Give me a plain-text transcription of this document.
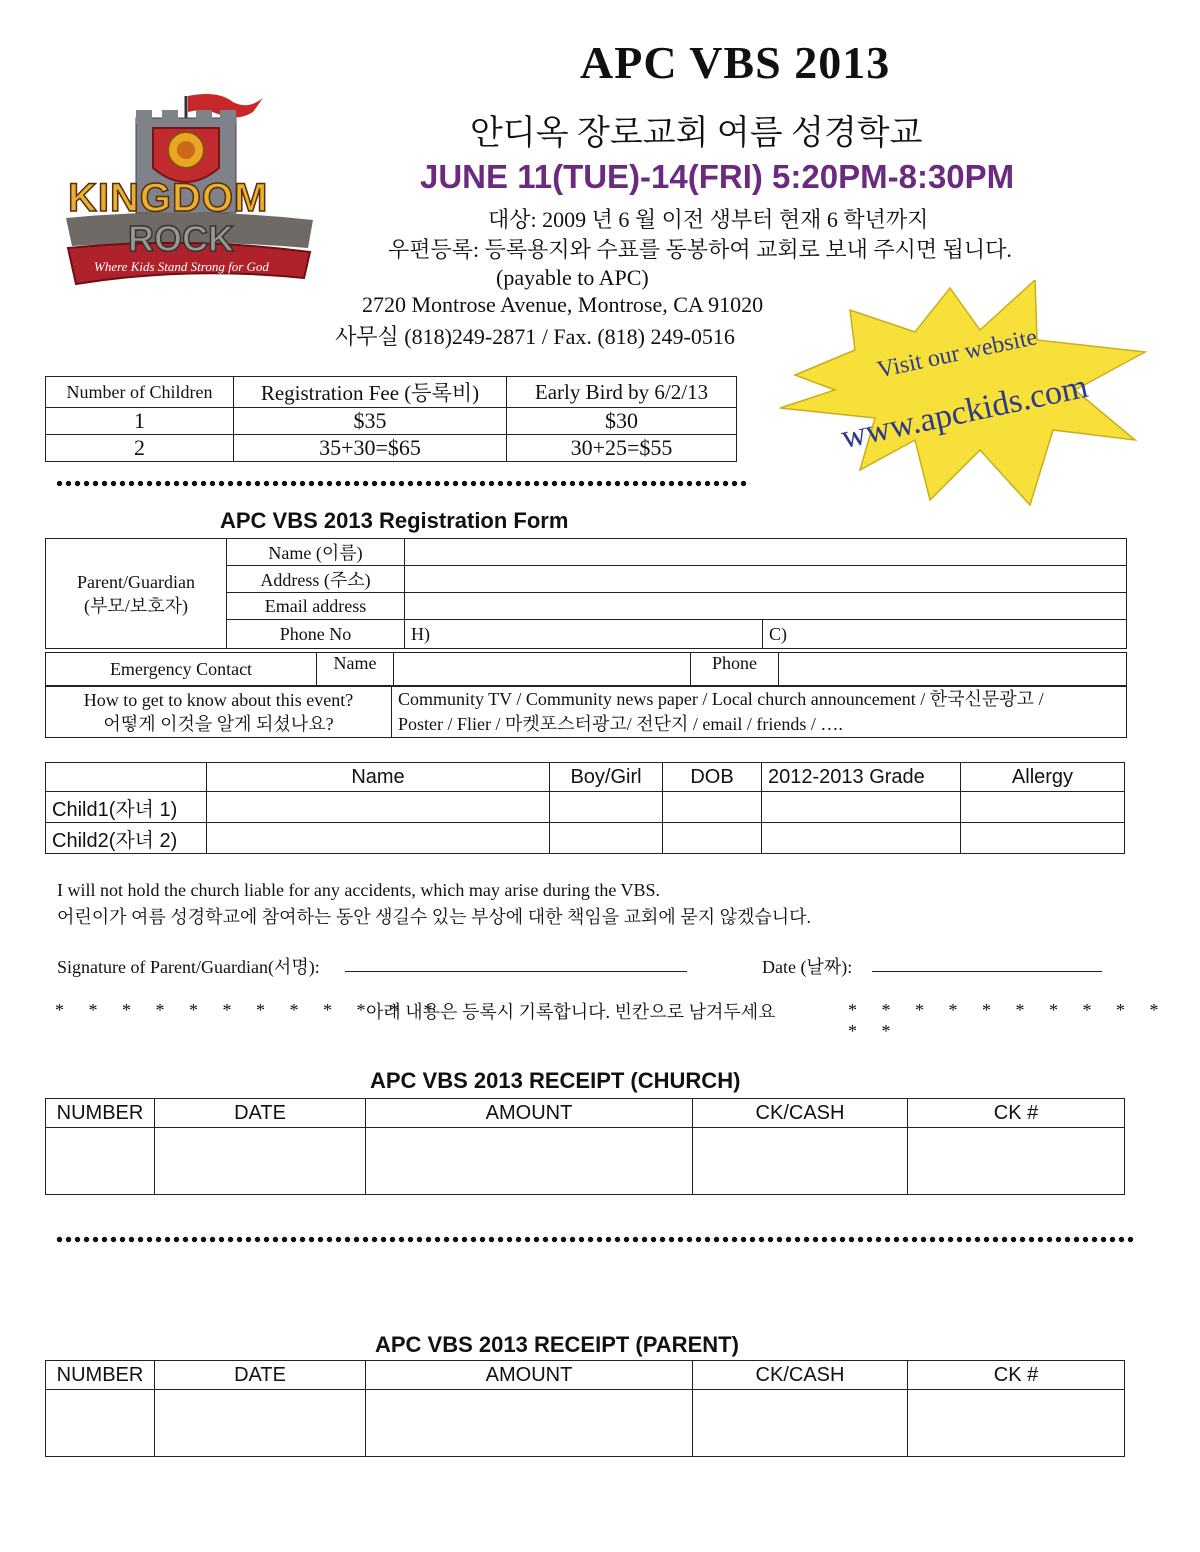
KINGDOM
ROCK
Where Kids Stand Strong for God
APC VBS 2013
안디옥 장로교회 여름 성경학교
JUNE 11(TUE)-14(FRI) 5:20PM-8:30PM
대상: 2009 년 6 월 이전 생부터 현재 6 학년까지
우편등록: 등록용지와 수표를 동봉하여 교회로 보내 주시면 됩니다.
(payable to APC)
2720 Montrose Avenue, Montrose, CA 91020
사무실 (818)249-2871 / Fax. (818) 249-0516	Visit our website
www.apckids.com
Number of Children	Registration Fee (등록비)	Early Bird by 6/2/13
1	$35	$30
2	35+30=$65	30+25=$55
APC VBS 2013 Registration Form
Parent/Guardian
(부모/보호자)	Name (이름)		
	Address (주소)		
	Email address		
	Phone No	H)	C)
Emergency Contact	Name		Phone	
How to get to know about this event?
어떻게 이것을 알게 되셨나요?

Community TV / Community news paper / Local church announcement / 한국신문광고 /
Poster / Flier / 마켓포스터광고/ 전단지 / email / friends / ….
	Name	Boy/Girl	DOB	2012-2013 Grade	Allergy
Child1(자녀 1)					
Child2(자녀 2)					
I will not hold the church liable for any accidents, which may arise during the VBS.
어린이가 여름 성경학교에 참여하는 동안 생길수 있는 부상에 대한 책임을 교회에 묻지 않겠습니다.
Signature of Parent/Guardian(서명):	Date (날짜):
* * * * * * * * * * * *
아래 내용은 등록시 기록합니다. 빈칸으로 남겨두세요	* * * * * * * * * * * *
APC VBS 2013 RECEIPT (CHURCH)
NUMBER	DATE	AMOUNT	CK/CASH	CK #

APC VBS 2013 RECEIPT (PARENT)
NUMBER	DATE	AMOUNT	CK/CASH	CK #
